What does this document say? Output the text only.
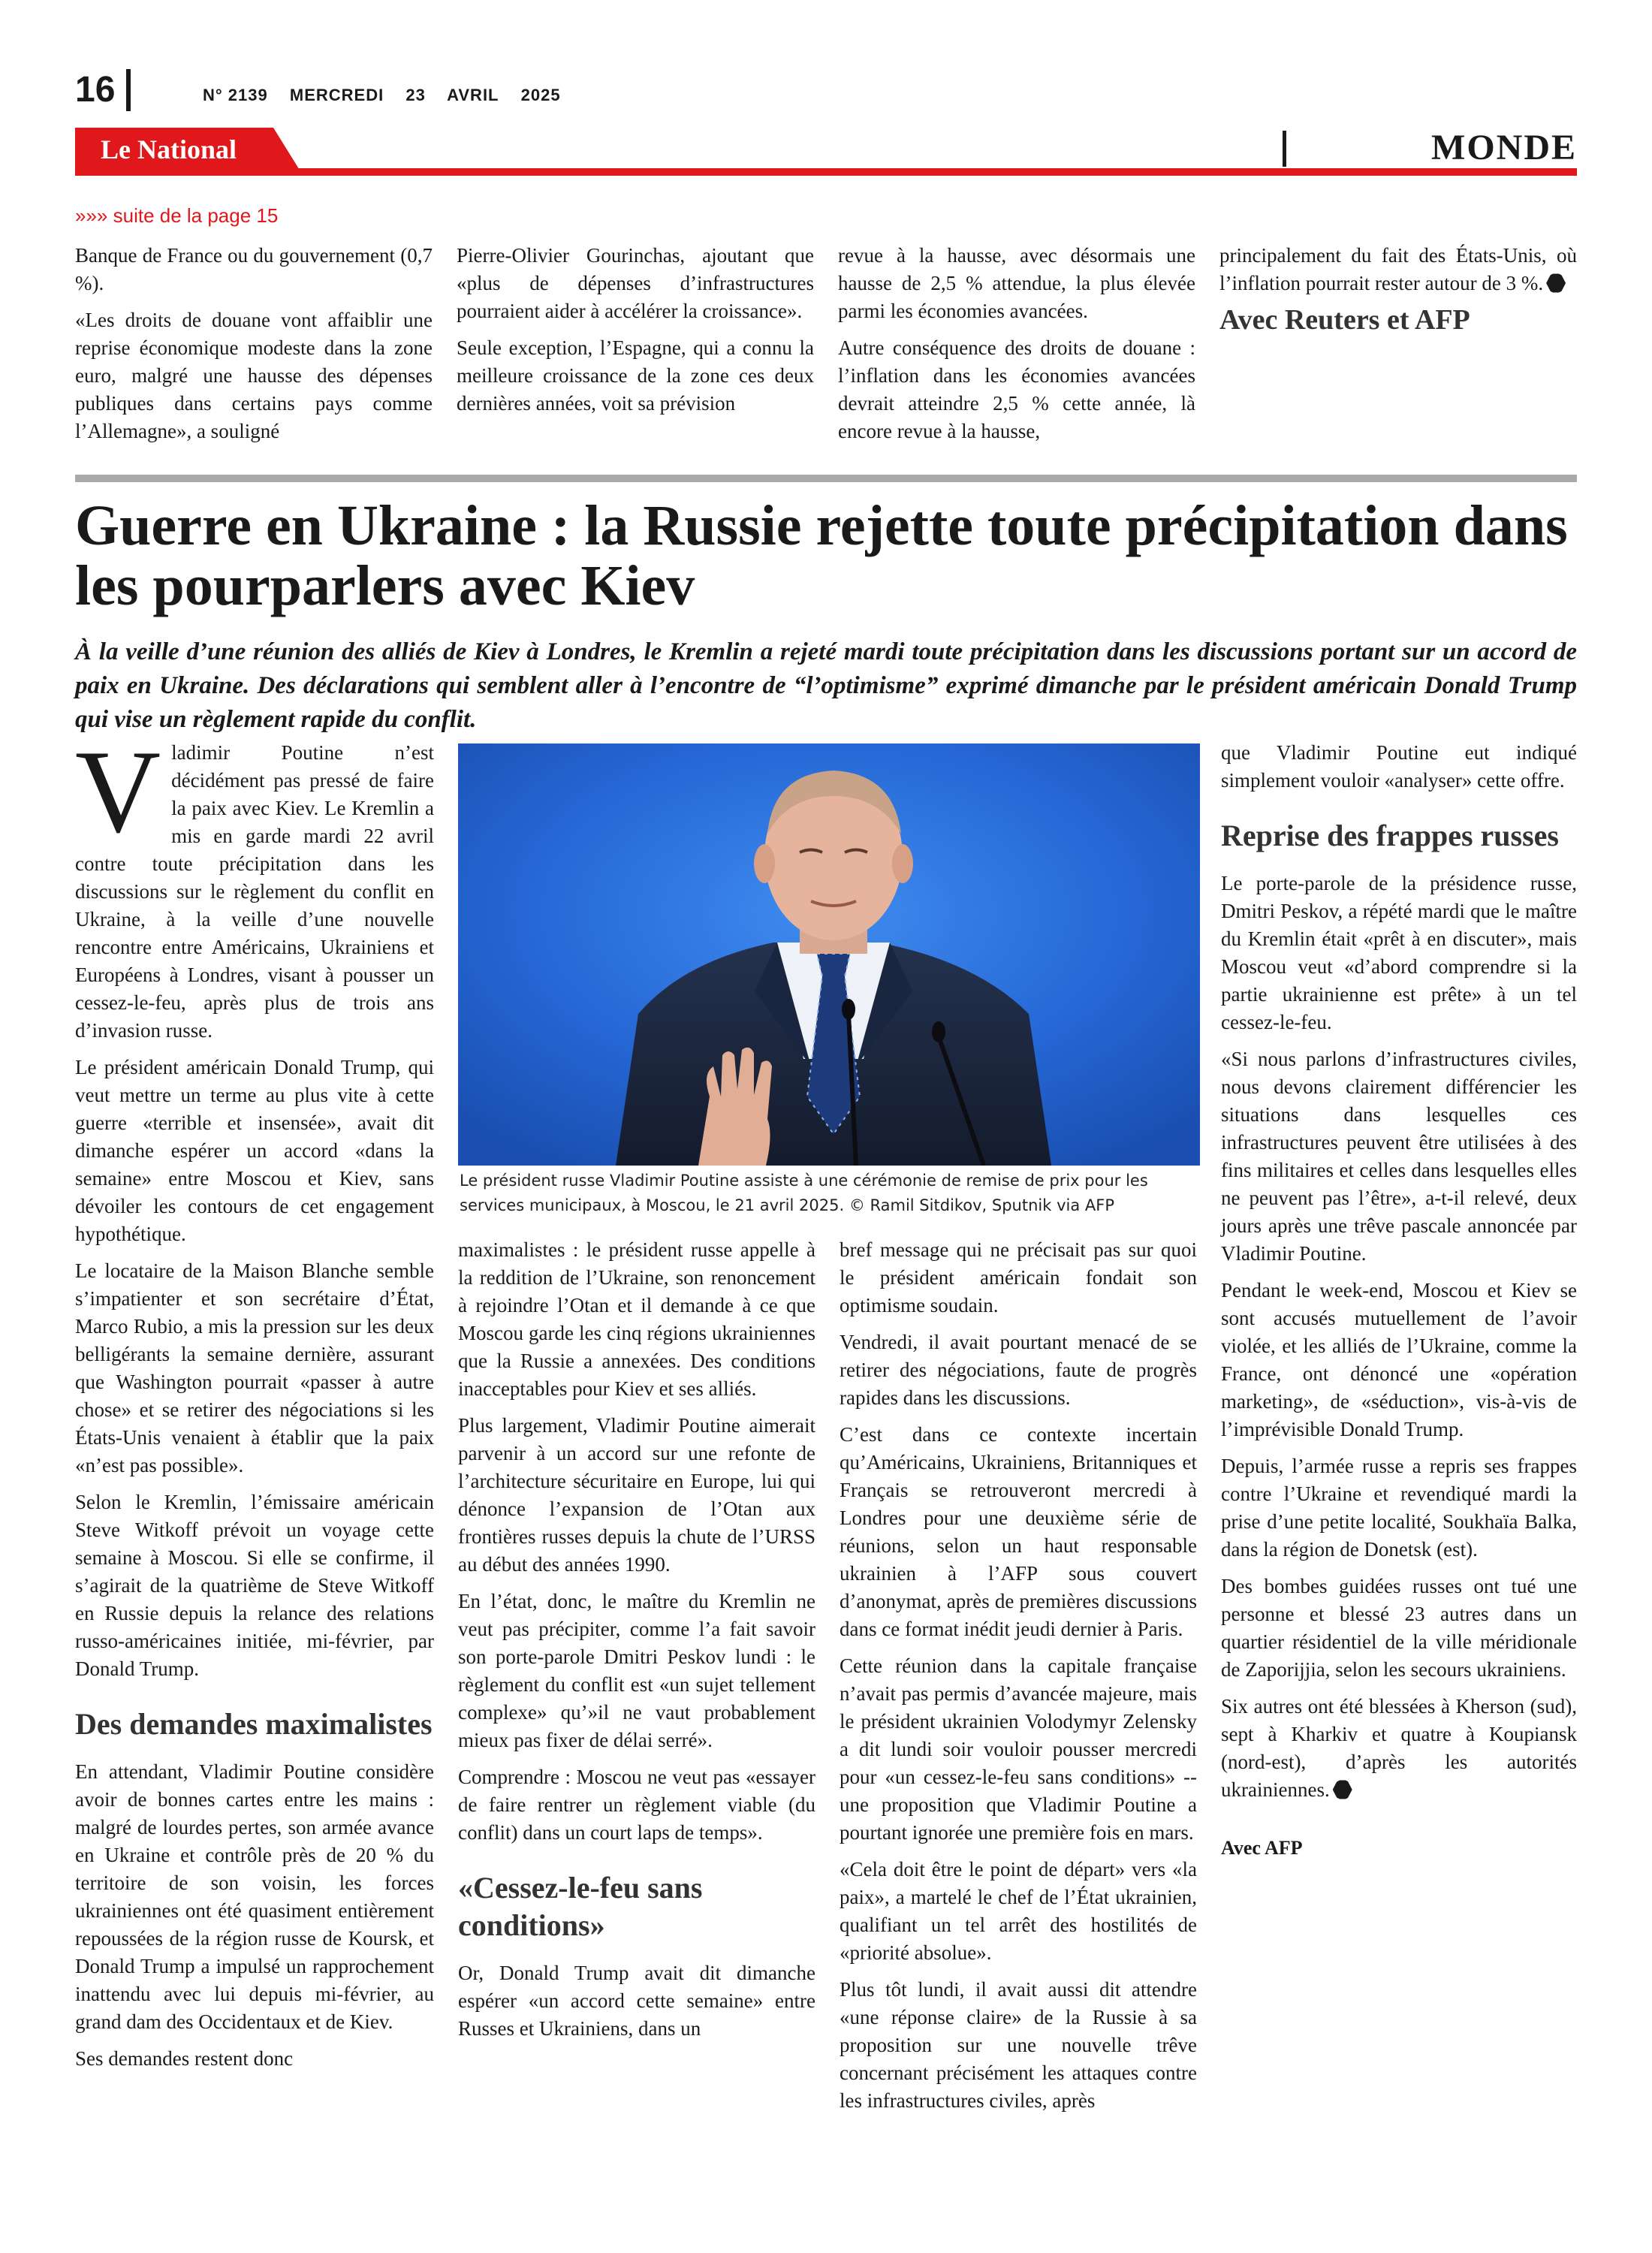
16	N° 2139 MERCREDI 23 AVRIL 2025
Le National	MONDE
»»» suite de la page 15

Banque de France ou du gouvernement (0,7 %).

«Les droits de douane vont affaiblir une reprise économique modeste dans la zone euro, malgré une hausse des dépenses publiques dans certains pays comme l’Allemagne», a souligné

Pierre-Olivier Gourinchas, ajoutant que «plus de dépenses d’infrastructures pourraient aider à accélérer la croissance».

Seule exception, l’Espagne, qui a connu la meilleure croissance de la zone ces deux dernières années, voit sa prévision

revue à la hausse, avec désormais une hausse de 2,5 % attendue, la plus élevée parmi les économies avancées.

Autre conséquence des droits de douane : l’inflation dans les économies avancées devrait atteindre 2,5 % cette année, là encore revue à la hausse,

principalement du fait des États-Unis, où l’inflation pourrait rester autour de 3 %.

Avec Reuters et AFP
Guerre en Ukraine : la Russie rejette toute précipitation dans les pourparlers avec Kiev
À la veille d’une réunion des alliés de Kiev à Londres, le Kremlin a rejeté mardi toute précipitation dans les discussions portant sur un accord de paix en Ukraine. Des déclarations qui semblent aller à l’encontre de “l’optimisme” exprimé dimanche par le président américain Donald Trump qui vise un règlement rapide du conflit.

Vladimir Poutine n’est décidément pas pressé de faire la paix avec Kiev. Le Kremlin a mis en garde mardi 22 avril contre toute précipitation dans les discussions sur le règlement du conflit en Ukraine, à la veille d’une nouvelle rencontre entre Américains, Ukrainiens et Européens à Londres, visant à pousser un cessez-le-feu, après plus de trois ans d’invasion russe.

Le président américain Donald Trump, qui veut mettre un terme au plus vite à cette guerre «terrible et insensée», avait dit dimanche espérer un accord «dans la semaine» entre Moscou et Kiev, sans dévoiler les contours de cet engagement hypothétique.

Le locataire de la Maison Blanche semble s’impatienter et son secrétaire d’État, Marco Rubio, a mis la pression sur les deux belligérants la semaine dernière, assurant que Washington pourrait «passer à autre chose» et se retirer des négociations si les États-Unis venaient à établir que la paix «n’est pas possible».

Selon le Kremlin, l’émissaire américain Steve Witkoff prévoit un voyage cette semaine à Moscou. Si elle se confirme, il s’agirait de la quatrième de Steve Witkoff en Russie depuis la relance des relations russo-américaines initiée, mi-février, par Donald Trump.

Des demandes maximalistes

En attendant, Vladimir Poutine considère avoir de bonnes cartes entre les mains : malgré de lourdes pertes, son armée avance en Ukraine et contrôle près de 20 % du territoire de son voisin, les forces ukrainiennes ont été quasiment entièrement repoussées de la région russe de Koursk, et Donald Trump a impulsé un rapprochement inattendu avec lui depuis mi-février, au grand dam des Occidentaux et de Kiev.

Ses demandes restent donc

Le président russe Vladimir Poutine assiste à une cérémonie de remise de prix pour les services municipaux, à Moscou, le 21 avril 2025. © Ramil Sitdikov, Sputnik via AFP

maximalistes : le président russe appelle à la reddition de l’Ukraine, son renoncement à rejoindre l’Otan et il demande à ce que Moscou garde les cinq régions ukrainiennes que la Russie a annexées. Des conditions inacceptables pour Kiev et ses alliés.

Plus largement, Vladimir Poutine aimerait parvenir à un accord sur une refonte de l’architecture sécuritaire en Europe, lui qui dénonce l’expansion de l’Otan aux frontières russes depuis la chute de l’URSS au début des années 1990.

En l’état, donc, le maître du Kremlin ne veut pas précipiter, comme l’a fait savoir son porte-parole Dmitri Peskov lundi : le règlement du conflit est «un sujet tellement complexe» qu’»il ne vaut probablement mieux pas fixer de délai serré».

Comprendre : Moscou ne veut pas «essayer de faire rentrer un règlement viable (du conflit) dans un court laps de temps».

«Cessez-le-feu sans conditions»

Or, Donald Trump avait dit dimanche espérer «un accord cette semaine» entre Russes et Ukrainiens, dans un

bref message qui ne précisait pas sur quoi le président américain fondait son optimisme soudain.

Vendredi, il avait pourtant menacé de se retirer des négociations, faute de progrès rapides dans les discussions.

C’est dans ce contexte incertain qu’Américains, Ukrainiens, Britanniques et Français se retrouveront mercredi à Londres pour une deuxième série de réunions, selon un haut responsable ukrainien à l’AFP sous couvert d’anonymat, après de premières discussions dans ce format inédit jeudi dernier à Paris.

Cette réunion dans la capitale française n’avait pas permis d’avancée majeure, mais le président ukrainien Volodymyr Zelensky a dit lundi soir vouloir pousser mercredi pour «un cessez-le-feu sans conditions» -- une proposition que Vladimir Poutine a pourtant ignorée une première fois en mars.

«Cela doit être le point de départ» vers «la paix», a martelé le chef de l’État ukrainien, qualifiant un tel arrêt des hostilités de «priorité absolue».

Plus tôt lundi, il avait aussi dit attendre «une réponse claire» de la Russie à sa proposition sur une nouvelle trêve concernant précisément les attaques contre les infrastructures civiles, après

que Vladimir Poutine eut indiqué simplement vouloir «analyser» cette offre.

Reprise des frappes russes

Le porte-parole de la présidence russe, Dmitri Peskov, a répété mardi que le maître du Kremlin était «prêt à en discuter», mais Moscou veut «d’abord comprendre si la partie ukrainienne est prête» à un tel cessez-le-feu.

«Si nous parlons d’infrastructures civiles, nous devons clairement différencier les situations dans lesquelles ces infrastructures peuvent être utilisées à des fins militaires et celles dans lesquelles elles ne peuvent pas l’être», a-t-il relevé, deux jours après une trêve pascale annoncée par Vladimir Poutine.

Pendant le week-end, Moscou et Kiev se sont accusés mutuellement de l’avoir violée, et les alliés de l’Ukraine, comme la France, ont dénoncé une «opération marketing», de «séduction», vis-à-vis de l’imprévisible Donald Trump.

Depuis, l’armée russe a repris ses frappes contre l’Ukraine et revendiqué mardi la prise d’une petite localité, Soukhaïa Balka, dans la région de Donetsk (est).

Des bombes guidées russes ont tué une personne et blessé 23 autres dans un quartier résidentiel de la ville méridionale de Zaporijjia, selon les secours ukrainiens.

Six autres ont été blessées à Kherson (sud), sept à Kharkiv et quatre à Koupiansk (nord-est), d’après les autorités ukrainiennes.

Avec AFP
